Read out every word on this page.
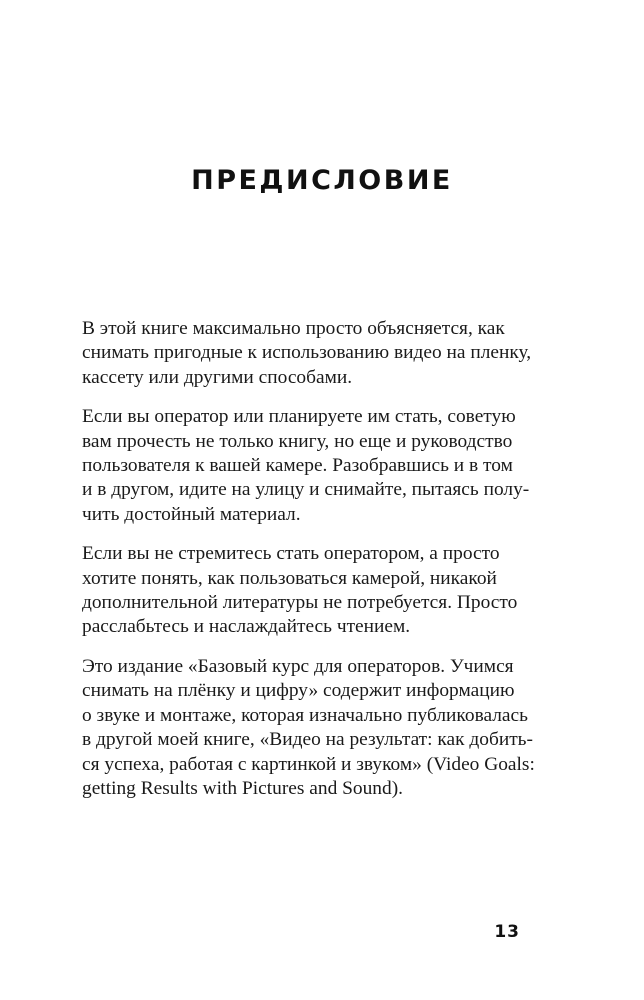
ПРЕДИСЛОВИЕ

В этой книге максимально просто объясняется, как
снимать пригодные к использованию видео на пленку,
кассету или другими способами.

Если вы оператор или планируете им стать, советую
вам прочесть не только книгу, но еще и руководство
пользователя к вашей камере. Разобравшись и в том
и в другом, идите на улицу и снимайте, пытаясь полу-
чить достойный материал.

Если вы не стремитесь стать оператором, а просто
хотите понять, как пользоваться камерой, никакой
дополнительной литературы не потребуется. Просто
расслабьтесь и наслаждайтесь чтением.

Это издание «Базовый курс для операторов. Учимся
снимать на плёнку и цифру» содержит информацию
о звуке и монтаже, которая изначально публиковалась
в другой моей книге, «Видео на результат: как добить-
ся успеха, работая с картинкой и звуком» (Video Goals:
getting Results with Pictures and Sound).

13
